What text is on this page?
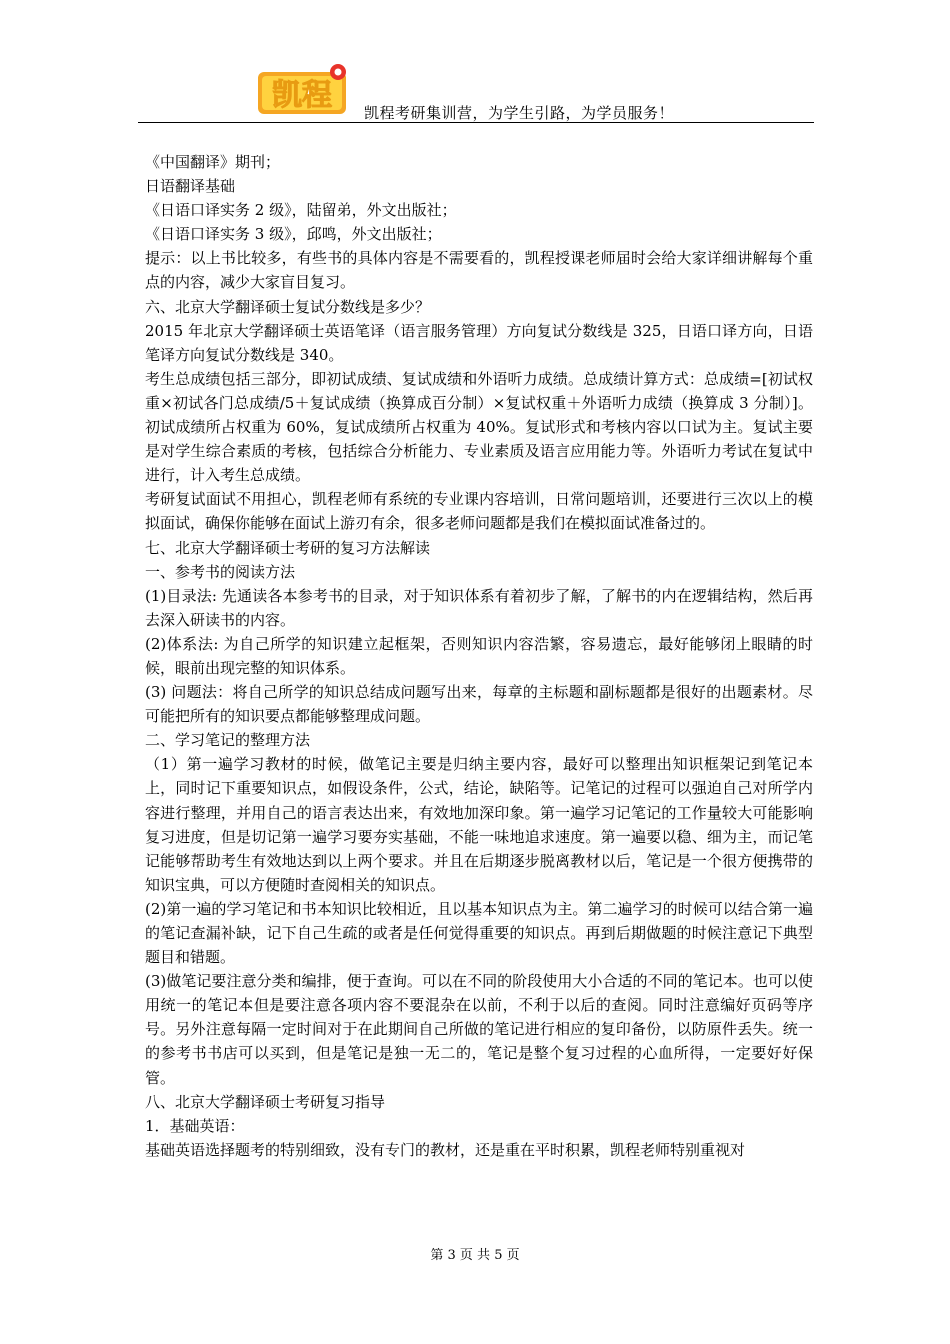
凯程 凯程考研集训营，为学生引路，为学员服务！

《中国翻译》期刊；

日语翻译基础

《日语口译实务 2 级》，陆留弟，外文出版社；

《日语口译实务 3 级》，邱鸣，外文出版社；

提示：以上书比较多，有些书的具体内容是不需要看的，凯程授课老师届时会给大家详细讲解每个重点的内容，减少大家盲目复习。

六、北京大学翻译硕士复试分数线是多少？

2015 年北京大学翻译硕士英语笔译（语言服务管理）方向复试分数线是 325，日语口译方向，日语笔译方向复试分数线是 340。

考生总成绩包括三部分，即初试成绩、复试成绩和外语听力成绩。总成绩计算方式：总成绩=[初试权重×初试各门总成绩/5＋复试成绩（换算成百分制）×复试权重＋外语听力成绩（换算成 3 分制）]。初试成绩所占权重为 60%，复试成绩所占权重为 40%。复试形式和考核内容以口试为主。复试主要是对学生综合素质的考核，包括综合分析能力、专业素质及语言应用能力等。外语听力考试在复试中进行，计入考生总成绩。

考研复试面试不用担心，凯程老师有系统的专业课内容培训，日常问题培训，还要进行三次以上的模拟面试，确保你能够在面试上游刃有余，很多老师问题都是我们在模拟面试准备过的。

七、北京大学翻译硕士考研的复习方法解读

一、参考书的阅读方法

(1)目录法: 先通读各本参考书的目录，对于知识体系有着初步了解，了解书的内在逻辑结构，然后再去深入研读书的内容。

(2)体系法: 为自己所学的知识建立起框架，否则知识内容浩繁，容易遗忘，最好能够闭上眼睛的时候，眼前出现完整的知识体系。

(3) 问题法：将自己所学的知识总结成问题写出来，每章的主标题和副标题都是很好的出题素材。尽可能把所有的知识要点都能够整理成问题。

二、学习笔记的整理方法

（1）第一遍学习教材的时候，做笔记主要是归纳主要内容，最好可以整理出知识框架记到笔记本上，同时记下重要知识点，如假设条件，公式，结论，缺陷等。记笔记的过程可以强迫自己对所学内容进行整理，并用自己的语言表达出来，有效地加深印象。第一遍学习记笔记的工作量较大可能影响复习进度，但是切记第一遍学习要夯实基础，不能一味地追求速度。第一遍要以稳、细为主，而记笔记能够帮助考生有效地达到以上两个要求。并且在后期逐步脱离教材以后，笔记是一个很方便携带的知识宝典，可以方便随时查阅相关的知识点。

(2)第一遍的学习笔记和书本知识比较相近，且以基本知识点为主。第二遍学习的时候可以结合第一遍的笔记查漏补缺，记下自己生疏的或者是任何觉得重要的知识点。再到后期做题的时候注意记下典型题目和错题。

(3)做笔记要注意分类和编排，便于查询。可以在不同的阶段使用大小合适的不同的笔记本。也可以使用统一的笔记本但是要注意各项内容不要混杂在以前，不利于以后的查阅。同时注意编好页码等序号。另外注意每隔一定时间对于在此期间自己所做的笔记进行相应的复印备份，以防原件丢失。统一的参考书书店可以买到，但是笔记是独一无二的，笔记是整个复习过程的心血所得，一定要好好保管。

八、北京大学翻译硕士考研复习指导

1．基础英语：

基础英语选择题考的特别细致，没有专门的教材，还是重在平时积累，凯程老师特别重视对

第 3 页 共 5 页
